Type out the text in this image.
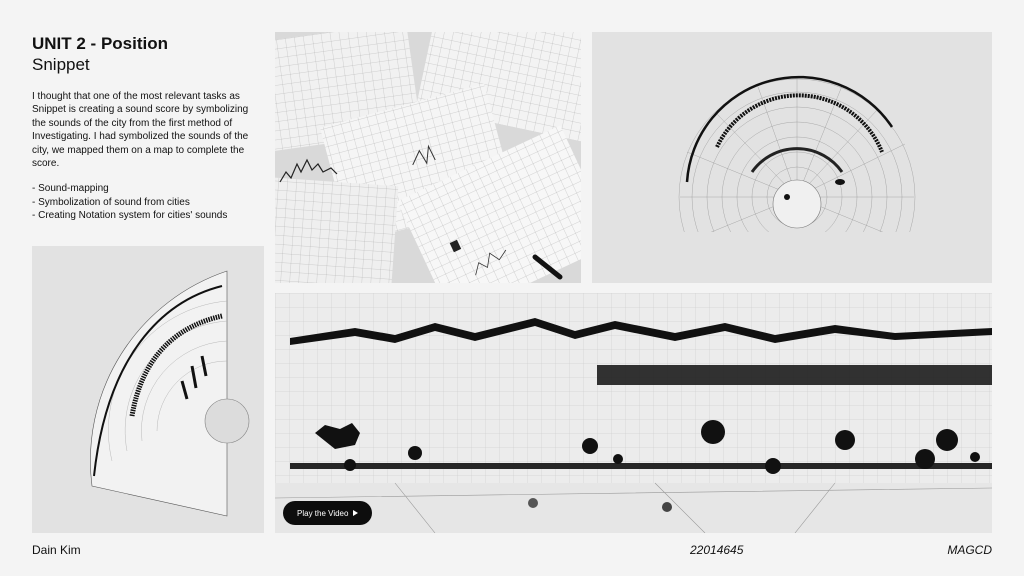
UNIT 2 - Position
Snippet

I thought that one of the most relevant tasks as Snippet is creating a sound score by symbolizing the sounds of the city from the first method of Investigating. I had symbolized the sounds of the city, we mapped them on a map to complete the score.

- Sound-mapping
- Symbolization of sound from cities
- Creating Notation system for cities' sounds
Play the Video
Dain Kim	22014645	MAGCD
